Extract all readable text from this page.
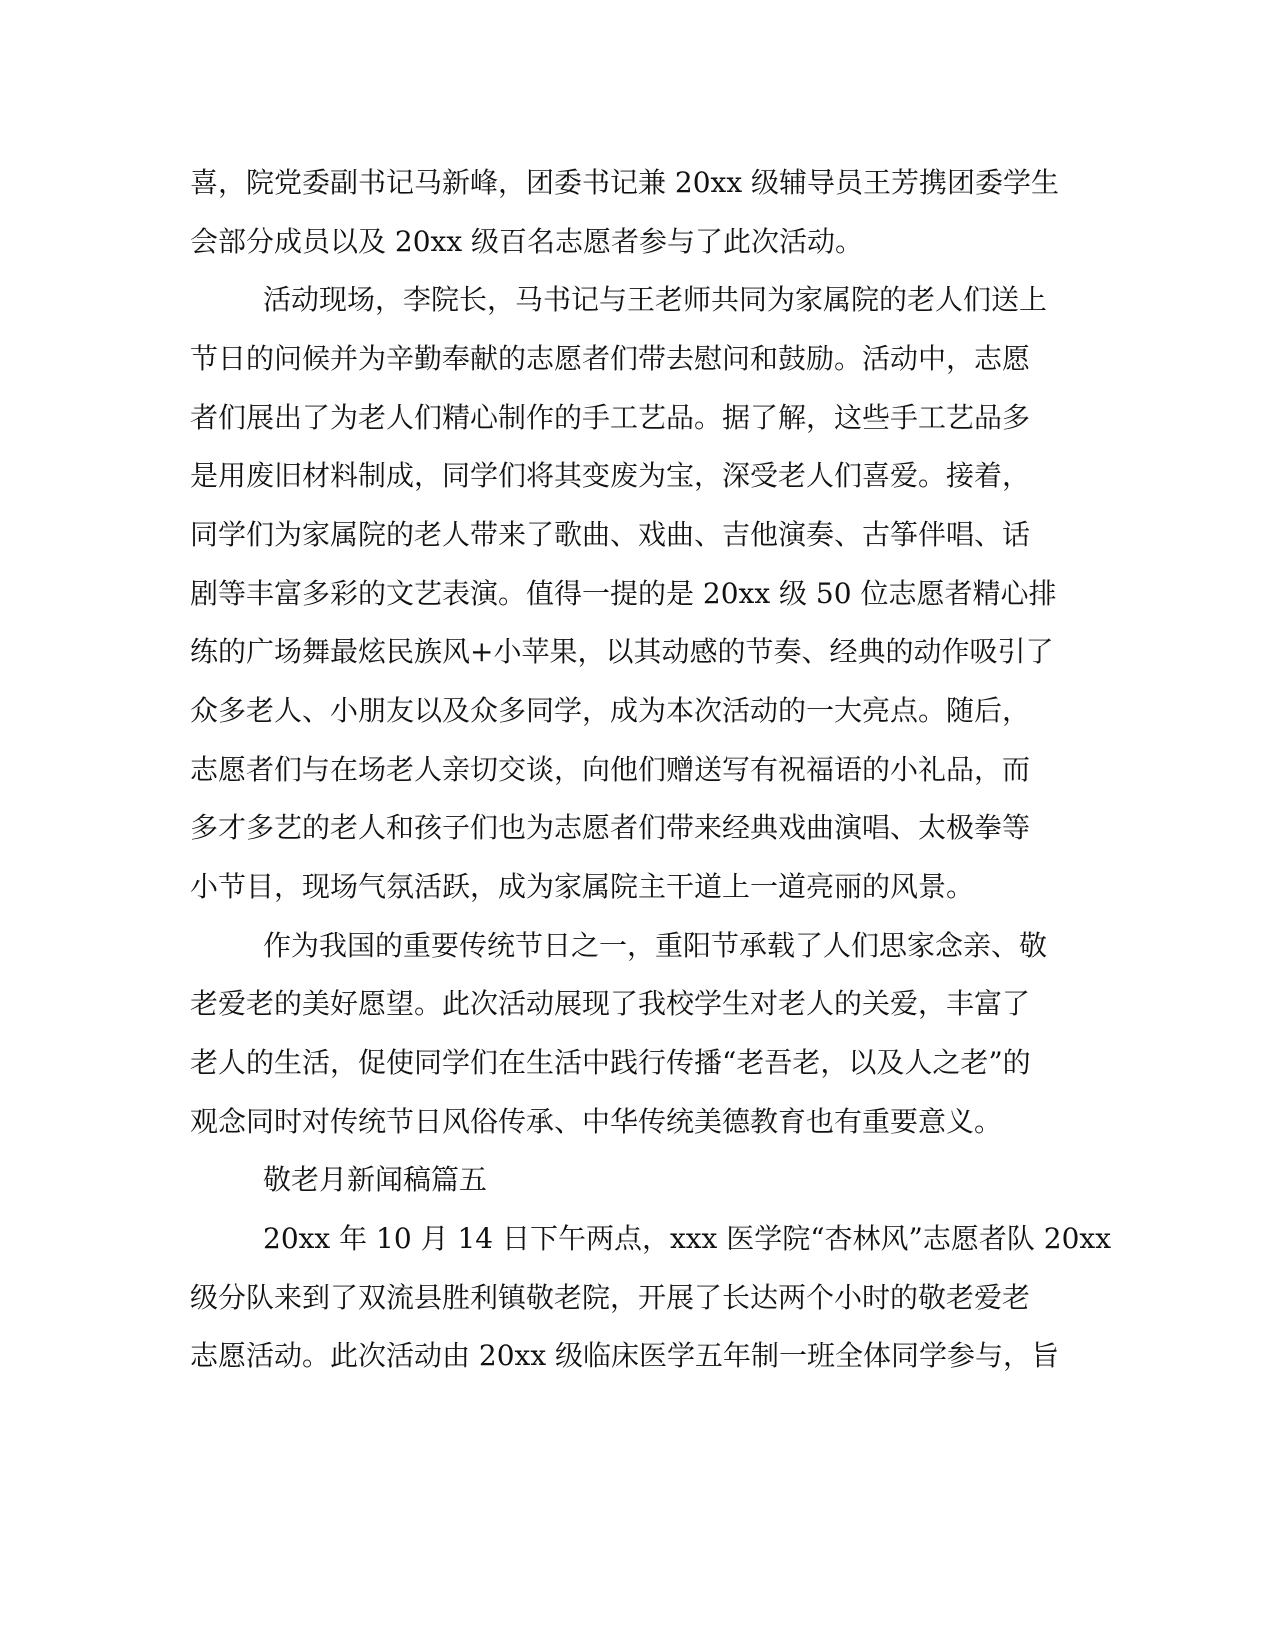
喜，院党委副书记马新峰，团委书记兼 20xx 级辅导员王芳携团委学生
会部分成员以及 20xx 级百名志愿者参与了此次活动。
活动现场，李院长，马书记与王老师共同为家属院的老人们送上
节日的问候并为辛勤奉献的志愿者们带去慰问和鼓励。活动中，志愿
者们展出了为老人们精心制作的手工艺品。据了解，这些手工艺品多
是用废旧材料制成，同学们将其变废为宝，深受老人们喜爱。接着，
同学们为家属院的老人带来了歌曲、戏曲、吉他演奏、古筝伴唱、话
剧等丰富多彩的文艺表演。值得一提的是 20xx 级 50 位志愿者精心排
练的广场舞最炫民族风+小苹果，以其动感的节奏、经典的动作吸引了
众多老人、小朋友以及众多同学，成为本次活动的一大亮点。随后，
志愿者们与在场老人亲切交谈，向他们赠送写有祝福语的小礼品，而
多才多艺的老人和孩子们也为志愿者们带来经典戏曲演唱、太极拳等
小节目，现场气氛活跃，成为家属院主干道上一道亮丽的风景。
作为我国的重要传统节日之一，重阳节承载了人们思家念亲、敬
老爱老的美好愿望。此次活动展现了我校学生对老人的关爱，丰富了
老人的生活，促使同学们在生活中践行传播“老吾老，以及人之老”的
观念同时对传统节日风俗传承、中华传统美德教育也有重要意义。
敬老月新闻稿篇五
20xx 年 10 月 14 日下午两点，xxx 医学院“杏林风”志愿者队 20xx
级分队来到了双流县胜利镇敬老院，开展了长达两个小时的敬老爱老
志愿活动。此次活动由 20xx 级临床医学五年制一班全体同学参与，旨
